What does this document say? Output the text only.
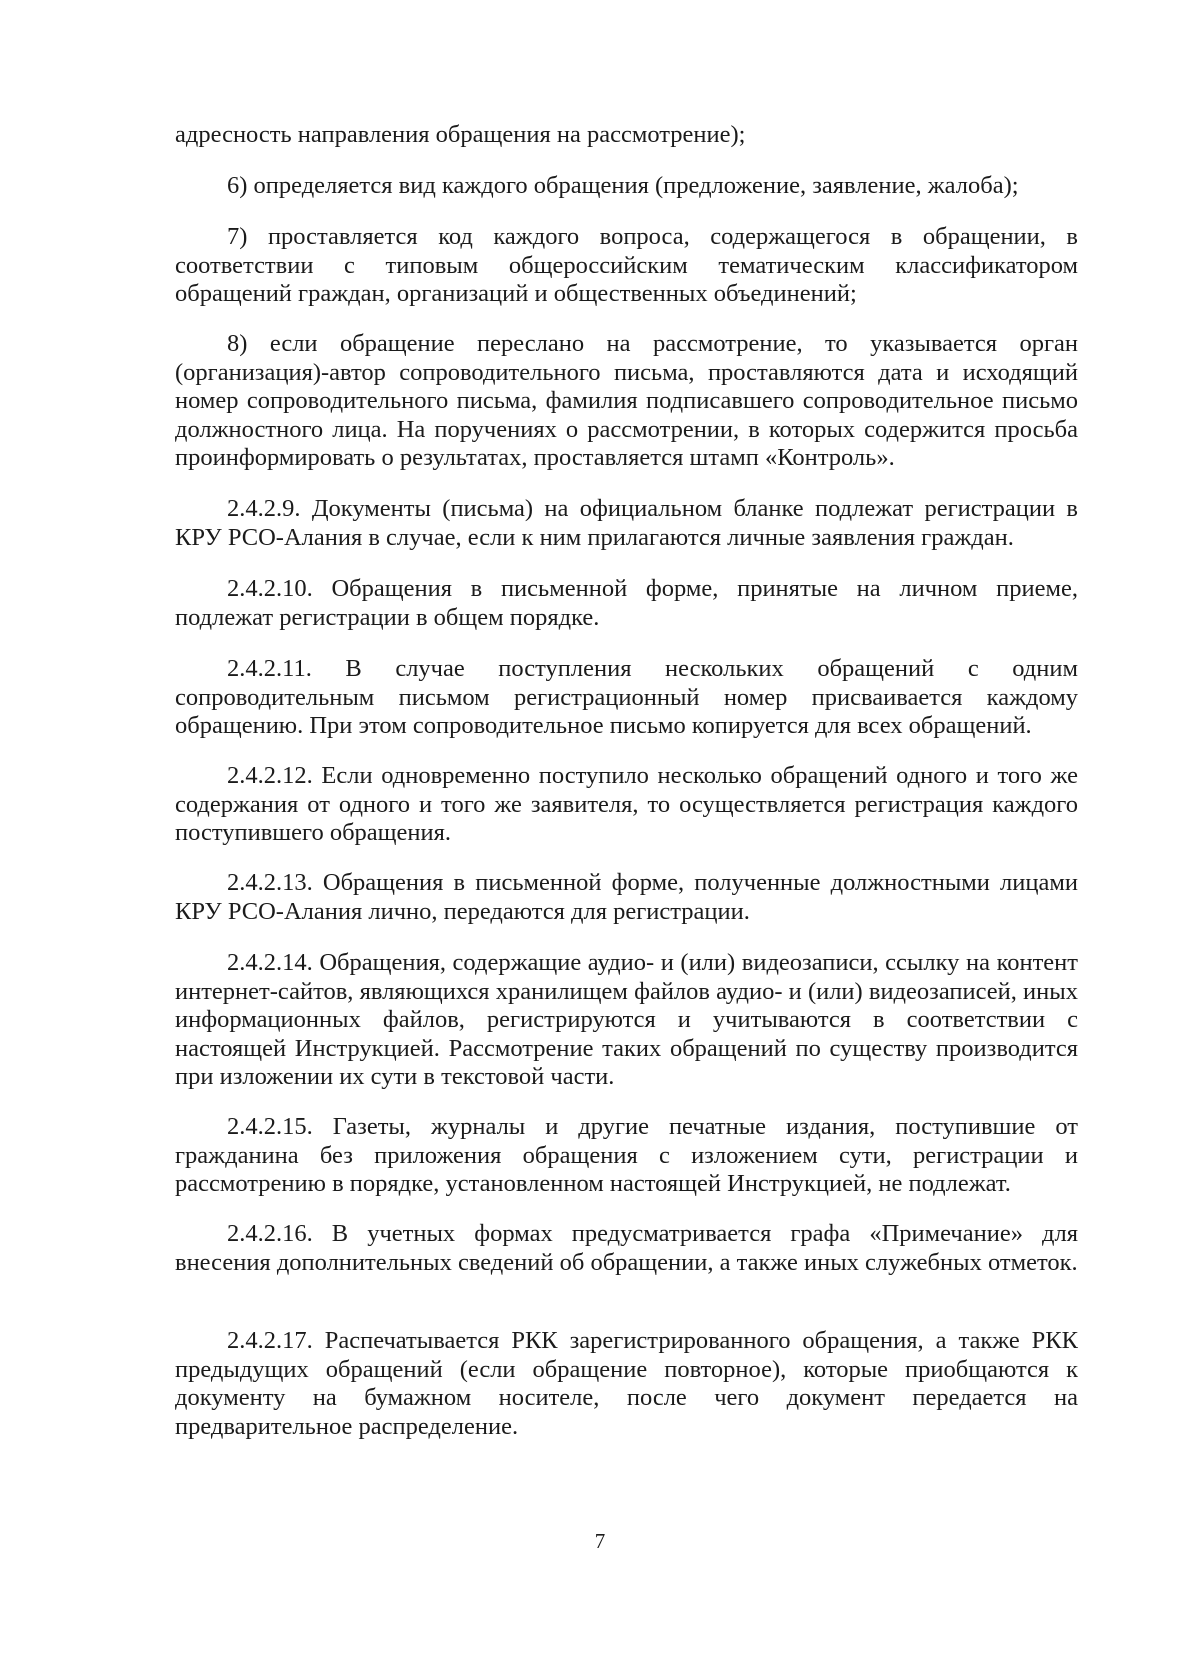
адресность направления обращения на рассмотрение);

6) определяется вид каждого обращения (предложение, заявление, жалоба);

7) проставляется код каждого вопроса, содержащегося в обращении, в соответствии с типовым общероссийским тематическим классификатором обращений граждан, организаций и общественных объединений;

8) если обращение переслано на рассмотрение, то указывается орган (организация)-автор сопроводительного письма, проставляются дата и исходящий номер сопроводительного письма, фамилия подписавшего сопроводительное письмо должностного лица. На поручениях о рассмотрении, в которых содержится просьба проинформировать о результатах, проставляется штамп «Контроль».

2.4.2.9. Документы (письма) на официальном бланке подлежат регистрации в КРУ РСО-Алания в случае, если к ним прилагаются личные заявления граждан.

2.4.2.10. Обращения в письменной форме, принятые на личном приеме, подлежат регистрации в общем порядке.

2.4.2.11. В случае поступления нескольких обращений с одним сопроводительным письмом регистрационный номер присваивается каждому обращению. При этом сопроводительное письмо копируется для всех обращений.

2.4.2.12. Если одновременно поступило несколько обращений одного и того же содержания от одного и того же заявителя, то осуществляется регистрация каждого поступившего обращения.

2.4.2.13. Обращения в письменной форме, полученные должностными лицами КРУ РСО-Алания лично, передаются для регистрации.

2.4.2.14. Обращения, содержащие аудио- и (или) видеозаписи, ссылку на контент интернет-сайтов, являющихся хранилищем файлов аудио- и (или) видеозаписей, иных информационных файлов, регистрируются и учитываются в соответствии с настоящей Инструкцией. Рассмотрение таких обращений по существу производится при изложении их сути в текстовой части.

2.4.2.15. Газеты, журналы и другие печатные издания, поступившие от гражданина без приложения обращения с изложением сути, регистрации и рассмотрению в порядке, установленном настоящей Инструкцией, не подлежат.

2.4.2.16. В учетных формах предусматривается графа «Примечание» для внесения дополнительных сведений об обращении, а также иных служебных отметок.

2.4.2.17. Распечатывается РКК зарегистрированного обращения, а также РКК предыдущих обращений (если обращение повторное), которые приобщаются к документу на бумажном носителе, после чего документ передается на предварительное распределение.

7
